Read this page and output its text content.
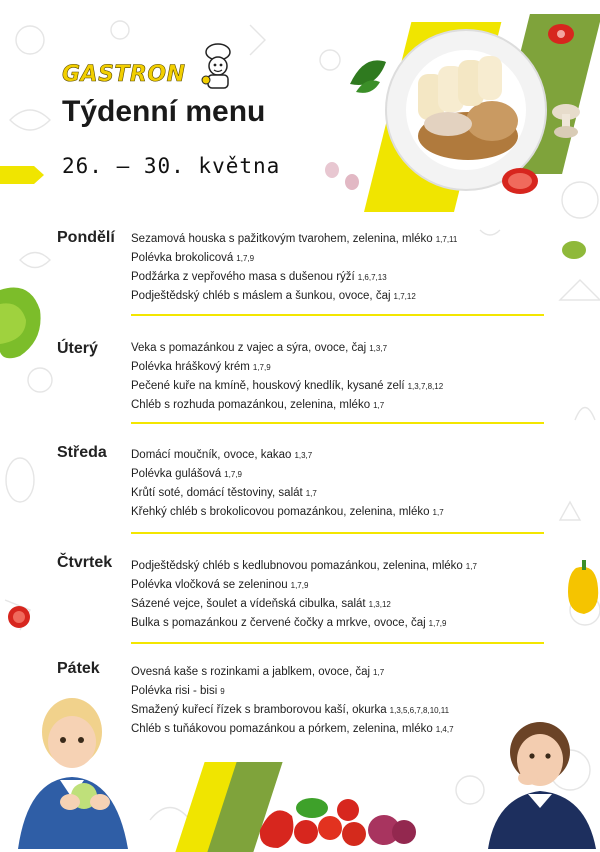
GASTRON
Týdenní menu
26. – 30. května
Pondělí Sezamová houska s pažitkovým tvarohem, zelenina, mléko 1,7,11
Polévka brokolicová 1,7,9
Podžárka z vepřového masa s dušenou rýží 1,6,7,13
Podještědský chléb s máslem a šunkou, ovoce, čaj 1,7,12
Úterý	Veka s pomazánkou z vajec a sýra, ovoce, čaj 1,3,7
Polévka hráškový krém 1,7,9
Pečené kuře na kmíně, houskový knedlík, kysané zelí 1,3,7,8,12
Chléb s rozhuda pomazánkou, zelenina, mléko 1,7
Středa Domácí moučník, ovoce, kakao 1,3,7
Polévka gulášová 1,7,9
Krůtí soté, domácí těstoviny, salát 1,7
Křehký chléb s brokolicovou pomazánkou, zelenina, mléko 1,7
Čtvrtek Podještědský chléb s kedlubnovou pomazánkou, zelenina, mléko 1,7
Polévka vločková se zeleninou 1,7,9
Sázené vejce, šoulet a vídeňská cibulka, salát 1,3,12
Bulka s pomazánkou z červené čočky a mrkve, ovoce, čaj 1,7,9
Pátek	Ovesná kaše s rozinkami a jablkem, ovoce, čaj 1,7
Polévka risi - bisi 9
Smažený kuřecí řízek s bramborovou kaší, okurka 1,3,5,6,7,8,10,11
Chléb s tuňákovou pomazánkou a pórkem, zelenina, mléko 1,4,7
